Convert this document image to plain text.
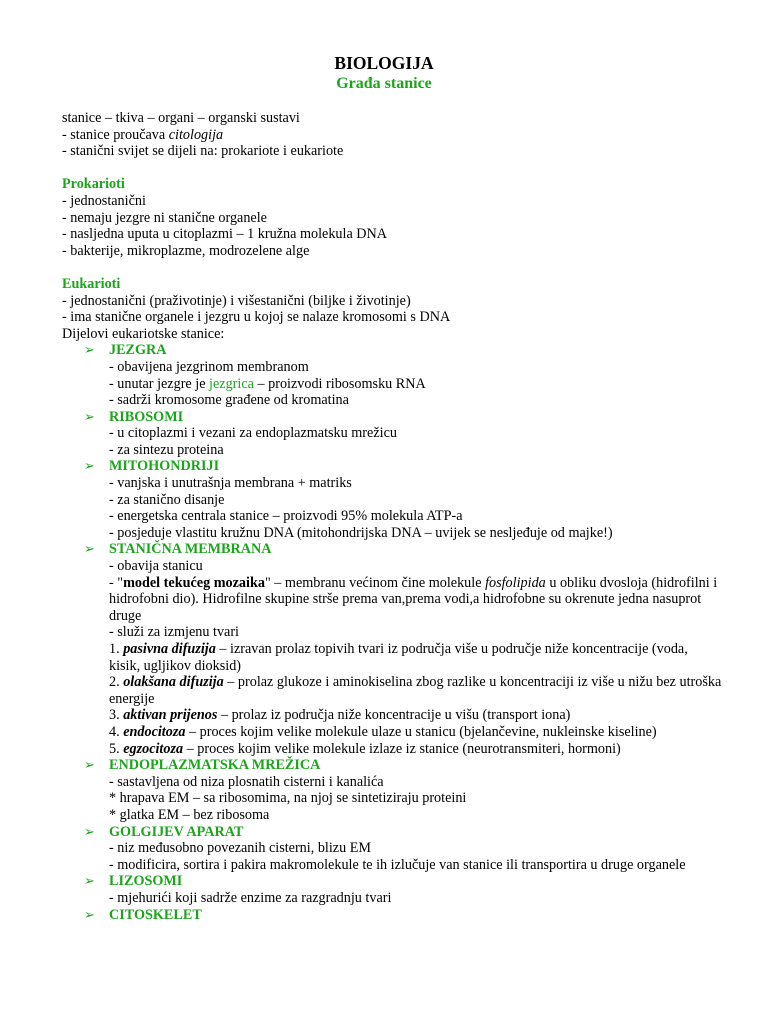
BIOLOGIJA
Građa stanice
stanice – tkiva – organi – organski sustavi
- stanice proučava citologija
- stanični svijet se dijeli na: prokariote i eukariote
Prokarioti
- jednostanični
- nemaju jezgre ni stanične organele
- nasljedna uputa u citoplazmi – 1 kružna molekula DNA
- bakterije, mikroplazme, modrozelene alge
Eukarioti
- jednostanični (praživotinje) i višestanični (biljke i životinje)
- ima stanične organele i jezgru u kojoj se nalaze kromosomi s DNA
Dijelovi eukariotske stanice:
➢ JEZGRA
- obavijena jezgrinom membranom
- unutar jezgre je jezgrica – proizvodi ribosomsku RNA
- sadrži kromosome građene od kromatina
➢ RIBOSOMI
- u citoplazmi i vezani za endoplazmatsku mrežicu
- za sintezu proteina
➢ MITOHONDRIJI
- vanjska i unutrašnja membrana + matriks
- za stanično disanje
- energetska centrala stanice – proizvodi 95% molekula ATP-a
- posjeduje vlastitu kružnu DNA (mitohondrijska DNA – uvijek se nesljeđuje od majke!)
➢ STANIČNA MEMBRANA
- obavija stanicu
- "model tekućeg mozaika" – membranu većinom čine molekule fosfolipida u obliku dvosloja (hidrofilni i hidrofobni dio). Hidrofilne skupine strše prema van,prema vodi,a hidrofobne su okrenute jedna nasuprot druge
- služi za izmjenu tvari
1. pasivna difuzija – izravan prolaz topivih tvari iz područja više u područje niže koncentracije (voda, kisik, ugljikov dioksid)
2. olakšana difuzija – prolaz glukoze i aminokiselina zbog razlike u koncentraciji iz više u nižu bez utroška energije
3. aktivan prijenos – prolaz iz područja niže koncentracije u višu (transport iona)
4. endocitoza – proces kojim velike molekule ulaze u stanicu (bjelančevine, nukleinske kiseline)
5. egzocitoza – proces kojim velike molekule izlaze iz stanice (neurotransmiteri, hormoni)
➢ ENDOPLAZMATSKA MREŽICA
- sastavljena od niza plosnatih cisterni i kanalića
* hrapava EM – sa ribosomima, na njoj se sintetiziraju proteini
* glatka EM – bez ribosoma
➢ GOLGIJEV APARAT
- niz međusobno povezanih cisterni, blizu EM
- modificira, sortira i pakira makromolekule te ih izlučuje van stanice ili transportira u druge organele
➢ LIZOSOMI
- mjehurići koji sadrže enzime za razgradnju tvari
➢ CITOSKELET
